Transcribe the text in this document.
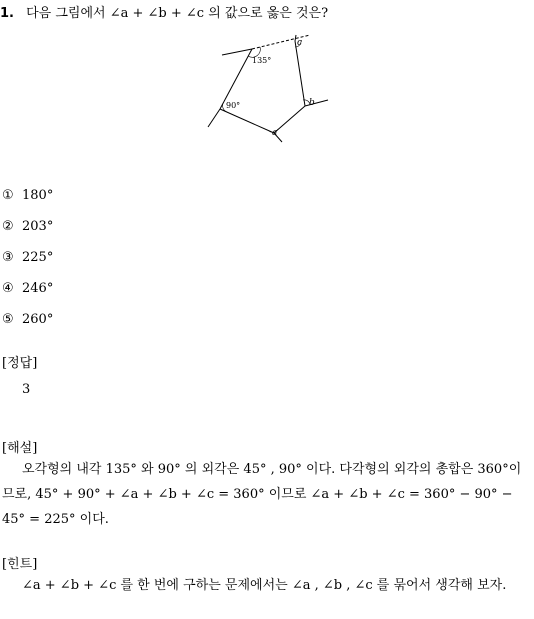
1. 다음 그림에서 ∠a + ∠b + ∠c 의 값으로 옳은 것은?
135°
90°
a
b
c
① 180°
② 203°
③ 225°
④ 246°
⑤ 260°
[정답]
3
[해설]
오각형의 내각 135° 와 90° 의 외각은 45° , 90° 이다. 다각형의 외각의 총합은 360°이므로, 45° + 90° + ∠a + ∠b + ∠c = 360° 이므로 ∠a + ∠b + ∠c = 360° − 90° − 45° = 225° 이다.
[힌트]
∠a + ∠b + ∠c 를 한 번에 구하는 문제에서는 ∠a , ∠b , ∠c 를 묶어서 생각해 보자.
